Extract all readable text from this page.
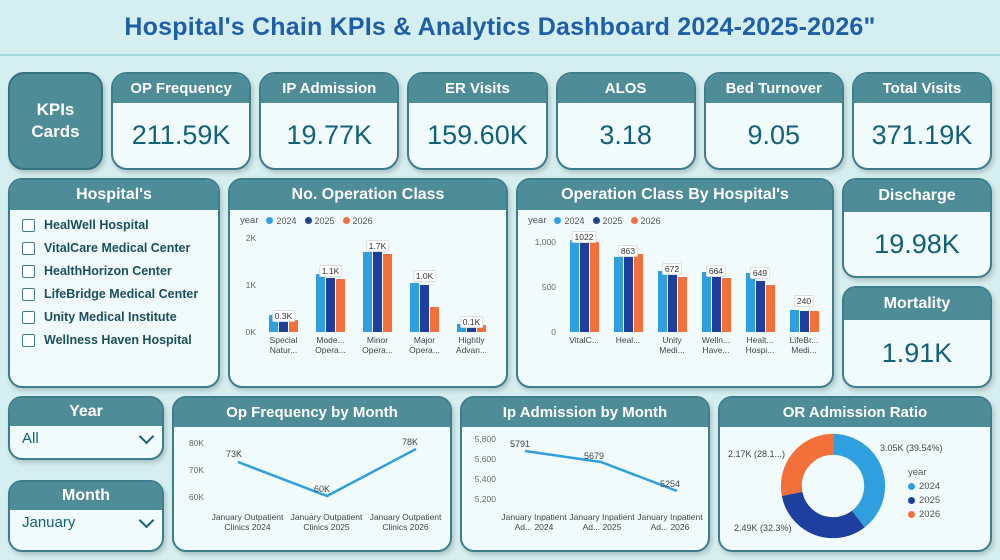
Hospital's Chain KPIs & Analytics Dashboard 2024-2025-2026"
KPIs
Cards
OP Frequency
211.59K
IP Admission
19.77K
ER Visits
159.60K
ALOS
3.18
Bed Turnover
9.05
Total Visits
371.19K
Hospital's
HealWell Hospital
VitalCare Medical Center
HealthHorizon Center
LifeBridge Medical Center
Unity Medical Institute
Wellness Haven Hospital
No. Operation Class
year 2024 2025 2026
0K
1K
2K
0.3K
1.1K
1.7K
1.0K
0.1K
Special Natur...
Mode... Opera...
Minor Opera...
Major Opera...
Hightly Advan...
Operation Class By Hospital's
year 2024 2025 2026
0
500
1,000	1022
863
672	664	649
240
VitalC...	Heal...	Unity Medi...
Welln... Have...
Healt... Hospi...
LifeBr... Medi...
Discharge
19.98K
Mortality
1.91K
Year
All
Month
January
Op Frequency by Month
60K
70K
80K
73K
60K
78K
January Outpatient Clinics 2024
January Outpatient Clinics 2025
January Outpatient Clinics 2026
Ip Admission by Month
5,200
5,400
5,600
5,800 5791
5679
5254
January Inpatient Ad... 2024
January Inpatient Ad... 2025
January Inpatient Ad... 2026
OR Admission Ratio
2.17K (28.1...)
3.05K (39.54%)
2.49K (32.3%)
year
2024
2025
2026
